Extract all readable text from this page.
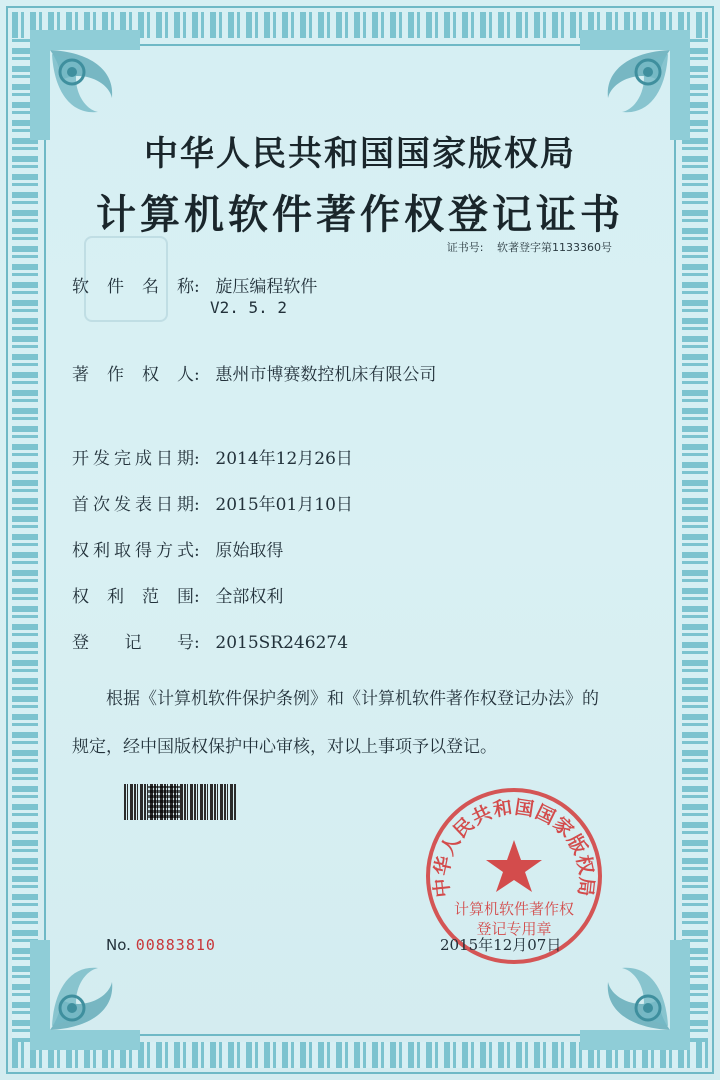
中华人民共和国国家版权局
计算机软件著作权登记证书
证书号: 软著登字第1133360号
软 件 名 称 : 旋压编程软件
V2. 5. 2
著 作 权 人 : 惠州市博赛数控机床有限公司
开 发 完 成 日 期 : 2014年12月26日
首 次 发 表 日 期 : 2015年01月10日
权 利 取 得 方 式 : 原始取得
权 利 范 围 : 全部权利
登 记 号 : 2015SR246274
根据《计算机软件保护条例》和《计算机软件著作权登记办法》的
规定，经中国版权保护中心审核，对以上事项予以登记。
中华人民共和国国家版权局
计算机软件著作权
登记专用章
No. 00883810	2015年12月07日
